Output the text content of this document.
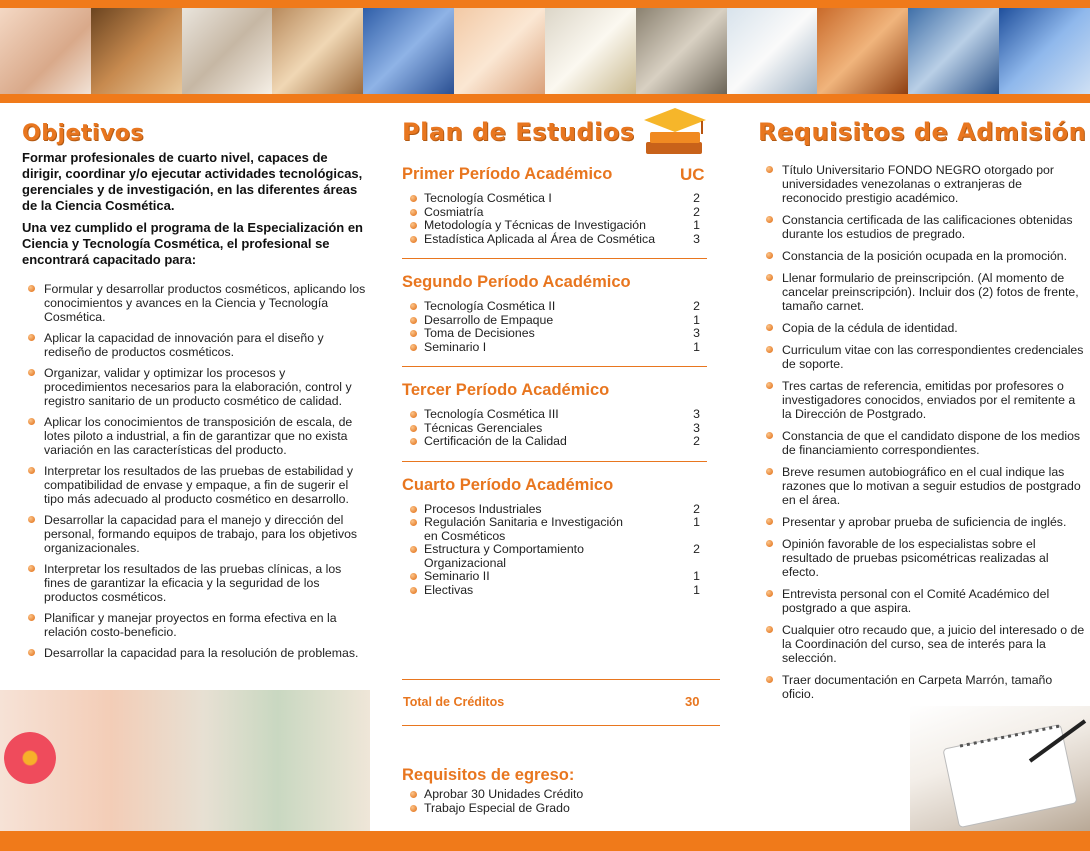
Objetivos

Formar profesionales de cuarto nivel, capaces de dirigir, coordinar y/o ejecutar actividades tecnológicas, gerenciales y de investigación, en las diferentes áreas de la Ciencia Cosmética.

Una vez cumplido el programa de la Especialización en Ciencia y Tecnología Cosmética, el profesional se encontrará capacitado para:

Formular y desarrollar productos cosméticos, aplicando los conocimientos y avances en la Ciencia y Tecnología Cosmética.
Aplicar la capacidad de innovación para el diseño y rediseño de productos cosméticos.
Organizar, validar y optimizar los procesos y procedimientos necesarios para la elaboración, control y registro sanitario de un producto cosmético de calidad.
Aplicar los conocimientos de transposición de escala, de lotes piloto a industrial, a fin de garantizar que no exista variación en las características del producto.
Interpretar los resultados de las pruebas de estabilidad y compatibilidad de envase y empaque, a fin de sugerir el tipo más adecuado al producto cosmético en desarrollo.
Desarrollar la capacidad para el manejo y dirección del personal, formando equipos de trabajo, para los objetivos organizacionales.
Interpretar los resultados de las pruebas clínicas, a los fines de garantizar la eficacia y la seguridad de los productos cosméticos.
Planificar y manejar proyectos en forma efectiva en la relación costo-beneficio.
Desarrollar la capacidad para la resolución de problemas.
Plan de Estudios
UC
Primer Período Académico
Tecnología Cosmética I	2
Cosmiatría	2
Metodología y Técnicas de Investigación	1
Estadística Aplicada al Área de Cosmética	3
Segundo Período Académico
Tecnología Cosmética II	2
Desarrollo de Empaque	1
Toma de Decisiones	3
Seminario I	1
Tercer Período Académico
Tecnología Cosmética III	3
Técnicas Gerenciales	3
Certificación de la Calidad	2
Cuarto Período Académico
Procesos Industriales	2
Regulación Sanitaria e Investigación en Cosméticos
1
Estructura y Comportamiento Organizacional
2
Seminario II	1
Electivas	1
Total de Créditos	30
Requisitos de egreso:
Aprobar 30 Unidades Crédito
Trabajo Especial de Grado
Requisitos de Admisión
Título Universitario FONDO NEGRO otorgado por universidades venezolanas o extranjeras de reconocido prestigio académico.
Constancia certificada de las calificaciones obtenidas durante los estudios de pregrado.
Constancia de la posición ocupada en la promoción.
Llenar formulario de preinscripción. (Al momento de cancelar preinscripción). Incluir dos (2) fotos de frente, tamaño carnet.
Copia de la cédula de identidad.
Curriculum vitae con las correspondientes credenciales de soporte.
Tres cartas de referencia, emitidas por profesores o investigadores conocidos, enviados por el remitente a la Dirección de Postgrado.
Constancia de que el candidato dispone de los medios de financiamiento correspondientes.
Breve resumen autobiográfico en el cual indique las razones que lo motivan a seguir estudios de postgrado en el área.
Presentar y aprobar prueba de suficiencia de inglés.
Opinión favorable de los especialistas sobre el resultado de pruebas psicométricas realizadas al efecto.
Entrevista personal con el Comité Académico del postgrado a que aspira.
Cualquier otro recaudo que, a juicio del interesado o de la Coordinación del curso, sea de interés para la selección.
Traer documentación en Carpeta Marrón, tamaño oficio.
